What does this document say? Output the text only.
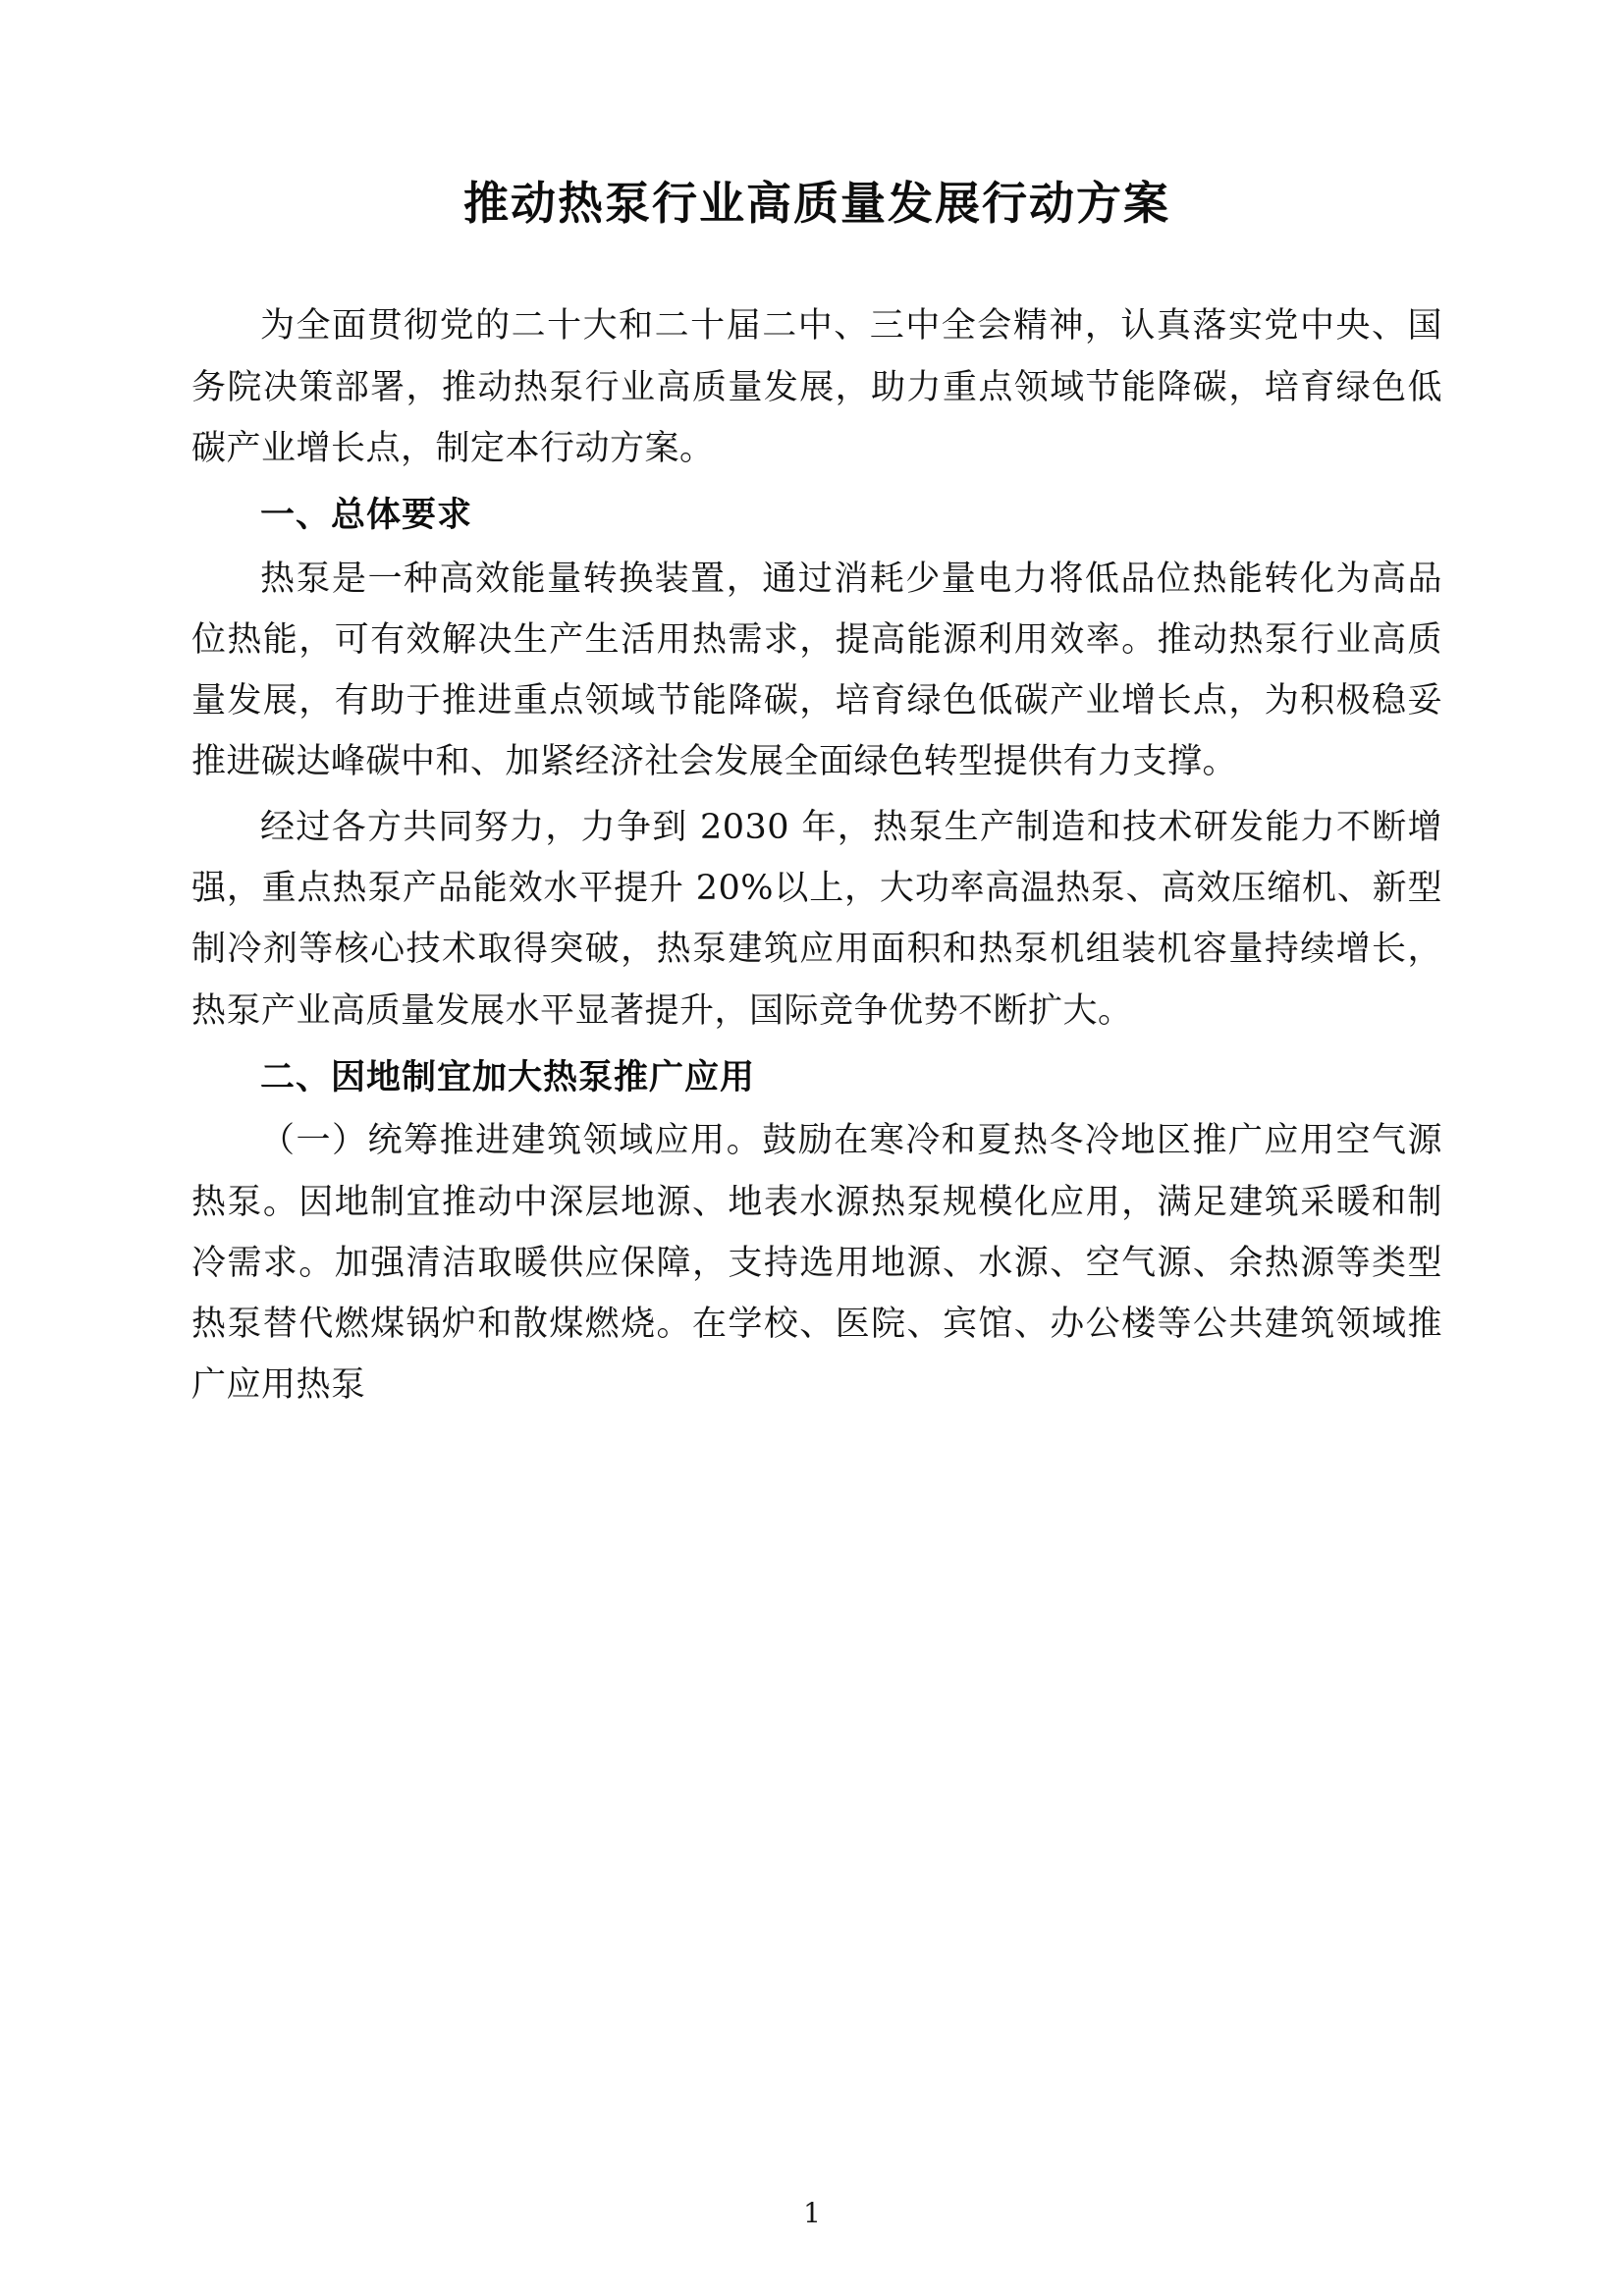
推动热泵行业高质量发展行动方案

为全面贯彻党的二十大和二十届二中、三中全会精神，认真落实党中央、国务院决策部署，推动热泵行业高质量发展，助力重点领域节能降碳，培育绿色低碳产业增长点，制定本行动方案。

一、总体要求

热泵是一种高效能量转换装置，通过消耗少量电力将低品位热能转化为高品位热能，可有效解决生产生活用热需求，提高能源利用效率。推动热泵行业高质量发展，有助于推进重点领域节能降碳，培育绿色低碳产业增长点，为积极稳妥推进碳达峰碳中和、加紧经济社会发展全面绿色转型提供有力支撑。

经过各方共同努力，力争到 2030 年，热泵生产制造和技术研发能力不断增强，重点热泵产品能效水平提升 20%以上，大功率高温热泵、高效压缩机、新型制冷剂等核心技术取得突破，热泵建筑应用面积和热泵机组装机容量持续增长，热泵产业高质量发展水平显著提升，国际竞争优势不断扩大。

二、因地制宜加大热泵推广应用

（一）统筹推进建筑领域应用。鼓励在寒冷和夏热冬冷地区推广应用空气源热泵。因地制宜推动中深层地源、地表水源热泵规模化应用，满足建筑采暖和制冷需求。加强清洁取暖供应保障，支持选用地源、水源、空气源、余热源等类型热泵替代燃煤锅炉和散煤燃烧。在学校、医院、宾馆、办公楼等公共建筑领域推广应用热泵

1
